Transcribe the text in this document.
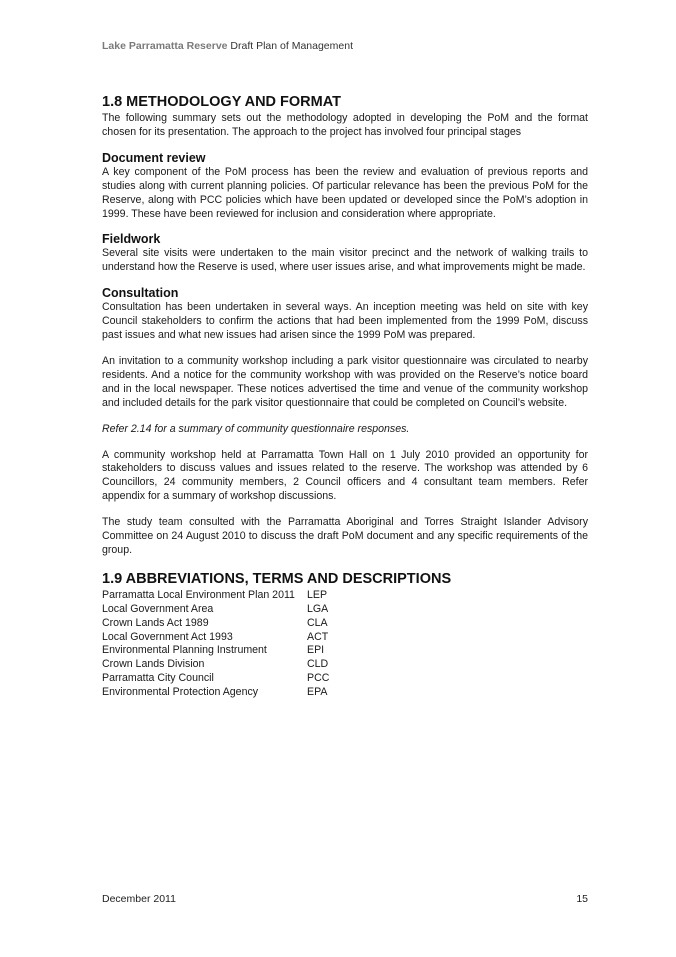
Lake Parramatta Reserve Draft Plan of Management
1.8 METHODOLOGY AND FORMAT

The following summary sets out the methodology adopted in developing the PoM and the format chosen for its presentation. The approach to the project has involved four principal stages

Document review

A key component of the PoM process has been the review and evaluation of previous reports and studies along with current planning policies. Of particular relevance has been the previous PoM for the Reserve, along with PCC policies which have been updated or developed since the PoM’s adoption in 1999. These have been reviewed for inclusion and consideration where appropriate.

Fieldwork

Several site visits were undertaken to the main visitor precinct and the network of walking trails to understand how the Reserve is used, where user issues arise, and what improvements might be made.

Consultation

Consultation has been undertaken in several ways. An inception meeting was held on site with key Council stakeholders to confirm the actions that had been implemented from the 1999 PoM, discuss past issues and what new issues had arisen since the 1999 PoM was prepared.

An invitation to a community workshop including a park visitor questionnaire was circulated to nearby residents. And a notice for the community workshop with was provided on the Reserve’s notice board and in the local newspaper. These notices advertised the time and venue of the community workshop and included details for the park visitor questionnaire that could be completed on Council’s website.

Refer 2.14 for a summary of community questionnaire responses.

A community workshop held at Parramatta Town Hall on 1 July 2010 provided an opportunity for stakeholders to discuss values and issues related to the reserve. The workshop was attended by 6 Councillors, 24 community members, 2 Council officers and 4 consultant team members. Refer appendix for a summary of workshop discussions.

The study team consulted with the Parramatta Aboriginal and Torres Straight Islander Advisory Committee on 24 August 2010 to discuss the draft PoM document and any specific requirements of the group.

1.9 ABBREVIATIONS, TERMS AND DESCRIPTIONS
Parramatta Local Environment Plan 2011	LEP
Local Government Area	LGA
Crown Lands Act 1989	CLA
Local Government Act 1993	ACT
Environmental Planning Instrument	EPI
Crown Lands Division	CLD
Parramatta City Council	PCC
Environmental Protection Agency	EPA
December 2011	15
